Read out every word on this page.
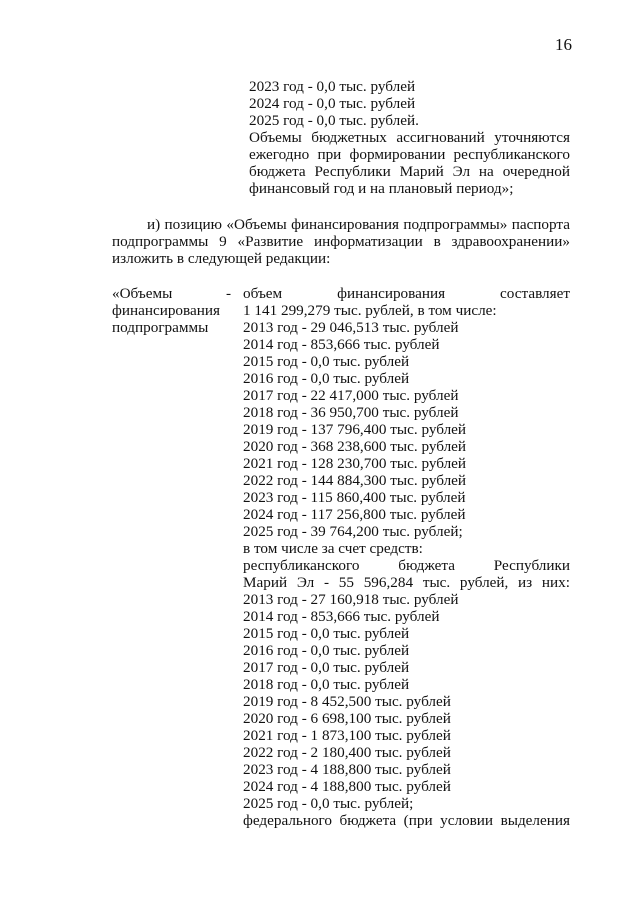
16
2023 год - 0,0 тыс. рублей
2024 год - 0,0 тыс. рублей
2025 год - 0,0 тыс. рублей.
Объемы бюджетных ассигнований уточняются
ежегодно при формировании республиканского
бюджета Республики Марий Эл на очередной
финансовый год и на плановый период»;
и) позицию «Объемы финансирования подпрограммы» паспорта
подпрограммы 9 «Развитие информатизации в здравоохранении»
изложить в следующей редакции:
«Объемы
финансирования
подпрограммы
- объем финансирования составляет
1 141 299,279 тыс. рублей, в том числе:
2013 год - 29 046,513 тыс. рублей
2014 год - 853,666 тыс. рублей
2015 год - 0,0 тыс. рублей
2016 год - 0,0 тыс. рублей
2017 год - 22 417,000 тыс. рублей
2018 год - 36 950,700 тыс. рублей
2019 год - 137 796,400 тыс. рублей
2020 год - 368 238,600 тыс. рублей
2021 год - 128 230,700 тыс. рублей
2022 год - 144 884,300 тыс. рублей
2023 год - 115 860,400 тыс. рублей
2024 год - 117 256,800 тыс. рублей
2025 год - 39 764,200 тыс. рублей;
в том числе за счет средств:
республиканского бюджета Республики
Марий Эл - 55 596,284 тыс. рублей, из них:
2013 год - 27 160,918 тыс. рублей
2014 год - 853,666 тыс. рублей
2015 год - 0,0 тыс. рублей
2016 год - 0,0 тыс. рублей
2017 год - 0,0 тыс. рублей
2018 год - 0,0 тыс. рублей
2019 год - 8 452,500 тыс. рублей
2020 год - 6 698,100 тыс. рублей
2021 год - 1 873,100 тыс. рублей
2022 год - 2 180,400 тыс. рублей
2023 год - 4 188,800 тыс. рублей
2024 год - 4 188,800 тыс. рублей
2025 год - 0,0 тыс. рублей;
федерального бюджета (при условии выделения
